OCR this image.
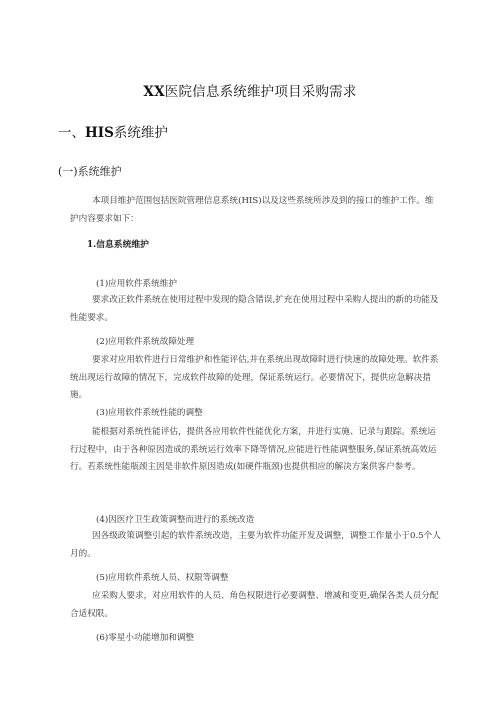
XX医院信息系统维护项目采购需求
一、HIS系统维护
(一)系统维护
本项目维护范围包括医院管理信息系统(HIS)以及这些系统所涉及到的接口的维护工作。维护内容要求如下：
1.信息系统维护
(1)应用软件系统维护
要求改正软件系统在使用过程中发现的隐含错误,扩充在使用过程中采购人提出的新的功能及性能要求。
(2)应用软件系统故障处理
要求对应用软件进行日常维护和性能评估,并在系统出现故障时进行快速的故障处理。软件系统出现运行故障的情况下，完成软件故障的处理，保证系统运行。必要情况下，提供应急解决措施。
(3)应用软件系统性能的调整
能根据对系统性能评估，提供各应用软件性能优化方案，并进行实施、记录与跟踪。系统运行过程中，由于各种原因造成的系统运行效率下降等情况,应能进行性能调整服务,保证系统高效运行。若系统性能瓶颈主因是非软件原因造成(如硬件瓶颈)也提供相应的解决方案供客户参考。
(4)因医疗卫生政策调整而进行的系统改造
因各级政策调整引起的软件系统改造，主要为软件功能开发及调整，调整工作量小于0.5个人月的。
(5)应用软件系统人员、权限等调整
应采购人要求，对应用软件的人员、角色权限进行必要调整、增减和变更,确保各类人员分配合适权限。
(6)零星小功能增加和调整
